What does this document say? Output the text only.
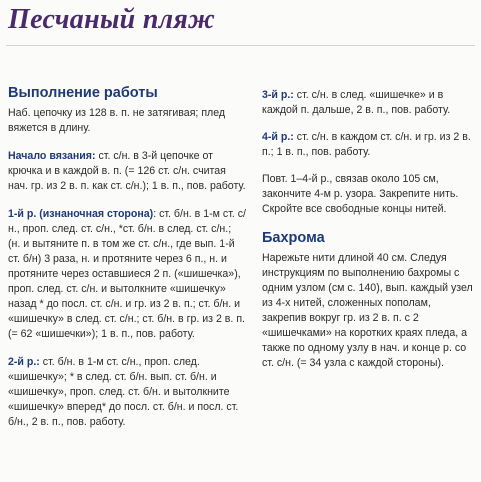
Песчаный пляж
Выполнение работы

Наб. цепочку из 128 в. п. не затягивая; плед вяжется в длину.

Начало вязания: ст. с/н. в 3-й цепочке от крючка и в каждой в. п. (= 126 ст. с/н. считая нач. гр. из 2 в. п. как ст. с/н.); 1 в. п., пов. работу.

1-й р. (изнаночная сторона): ст. б/н. в 1-м ст. с/н., проп. след. ст. с/н., *ст. б/н. в след. ст. с/н.; (н. и вытяните п. в том же ст. с/н., где вып. 1-й ст. б/н) 3 раза, н. и протяните через 6 п., н. и протяните через оставшиеся 2 п. («шишечка»), проп. след. ст. с/н. и вытолкните «шишечку» назад * до посл. ст. с/н. и гр. из 2 в. п.; ст. б/н. и «шишечку» в след. ст. с/н.; ст. б/н. в гр. из 2 в. п. (= 62 «шишечки»); 1 в. п., пов. работу.

2-й р.: ст. б/н. в 1-м ст. с/н., проп. след. «шишечку»; * в след. ст. б/н. вып. ст. б/н. и «шишечку», проп. след. ст. б/н. и вытолкните «шишечку» вперед* до посл. ст. б/н. и посл. ст. б/н., 2 в. п., пов. работу.

3-й р.: ст. с/н. в след. «шишечке» и в каждой п. дальше, 2 в. п., пов. работу.

4-й р.: ст. с/н. в каждом ст. с/н. и гр. из 2 в. п.; 1 в. п., пов. работу.

Повт. 1–4-й р., связав около 105 см, закончите 4-м р. узора. Закрепите нить. Скройте все свободные концы нитей.

Бахрома

Нарежьте нити длиной 40 см. Следуя инструкциям по выполнению бахромы с одним узлом (см с. 140), вып. каждый узел из 4-х нитей, сложенных пополам, закрепив вокруг гр. из 2 в. п. с 2 «шишечками» на коротких краях пледа, а также по одному узлу в нач. и конце р. со ст. с/н. (= 34 узла с каждой стороны).
